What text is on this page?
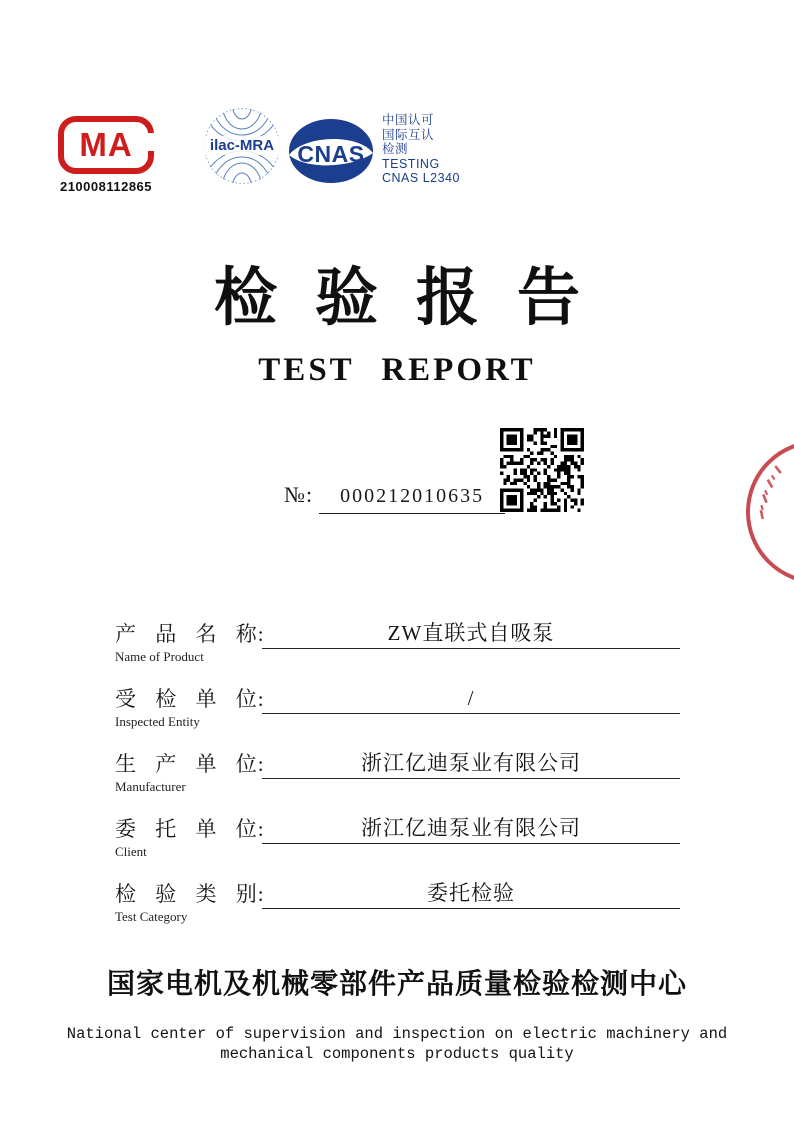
MA
210008112865
ilac-MRA	CNAS
中国认可
国际互认
检测
TESTING
CNAS L2340
检验报告
TEST REPORT
№: 000212010635
产 品 名 称:
Name of Product
ZW直联式自吸泵
受 检 单 位:
Inspected Entity
/
生 产 单 位:
Manufacturer
浙江亿迪泵业有限公司
委 托 单 位:
Client
浙江亿迪泵业有限公司
检 验 类 别:
Test Category
委托检验
国家电机及机械零部件产品质量检验检测中心
National center of supervision and inspection on electric machinery and
mechanical components products quality
